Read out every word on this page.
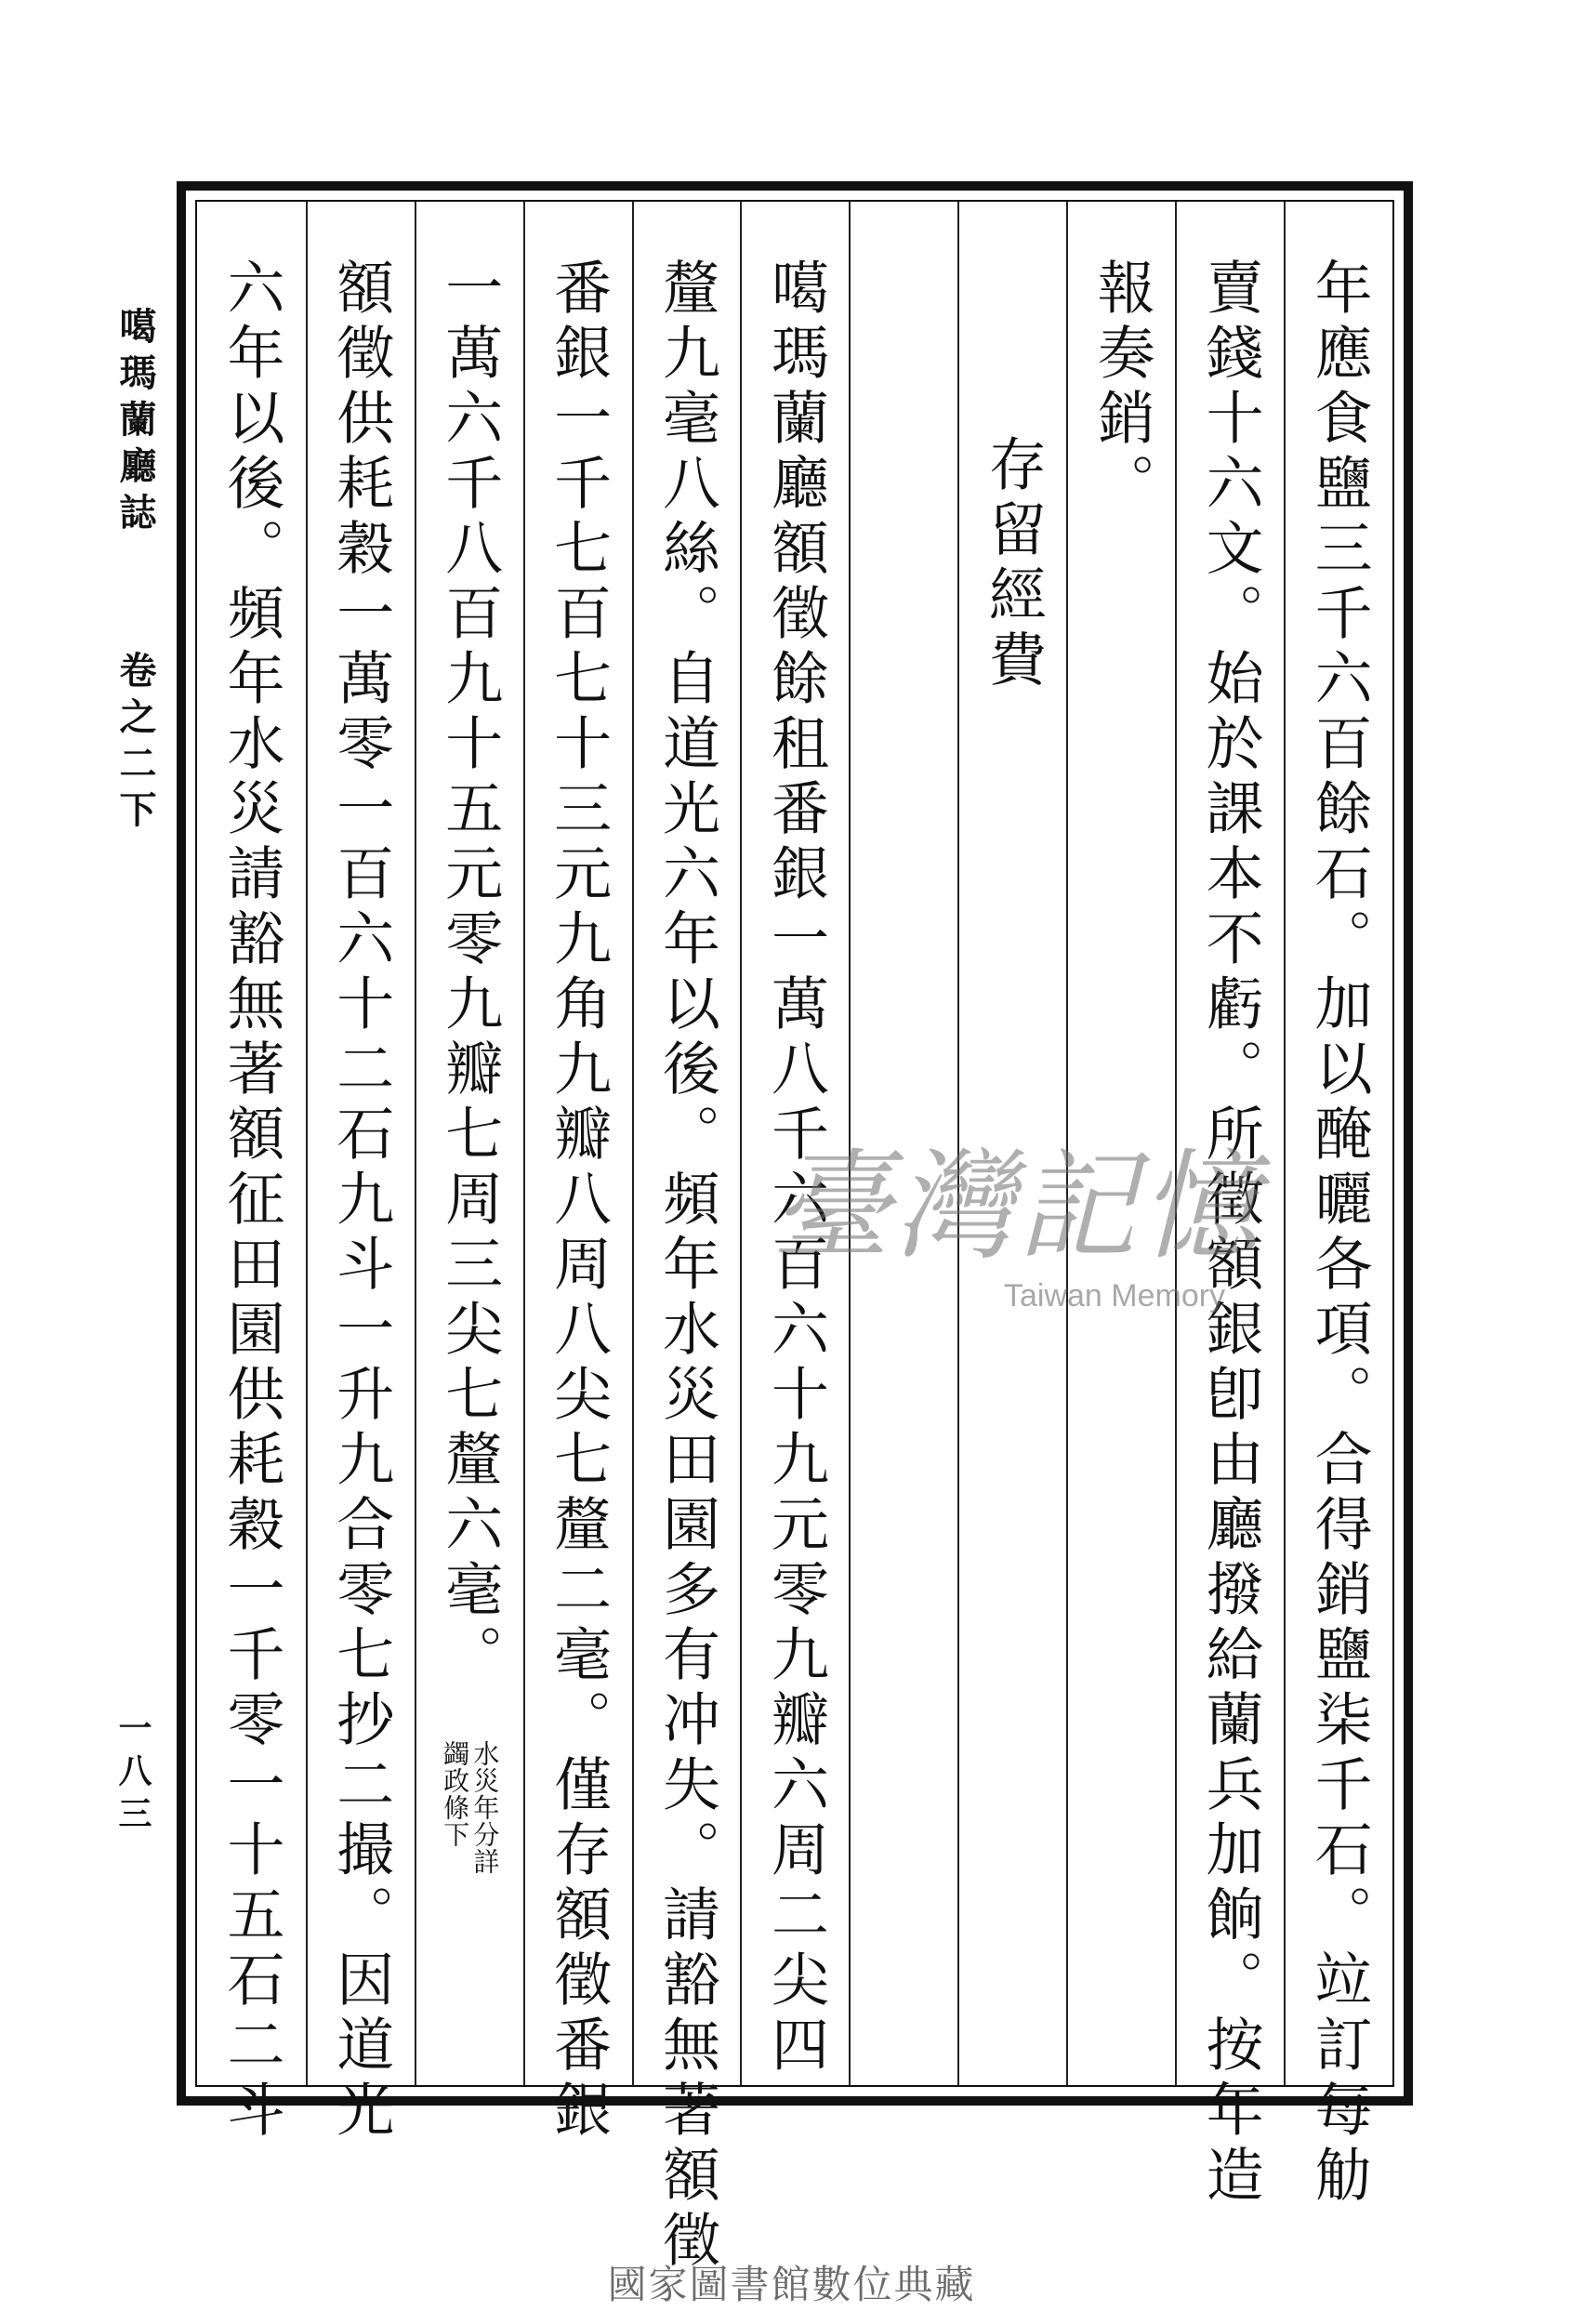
噶瑪蘭廳誌
卷之二下
一八三	年應食鹽三千六百餘石。加以醃曬各項。合得銷鹽柒千石。竝訂每觔
賣錢十六文。始於課本不虧。所徵額銀卽由廳撥給蘭兵加餉。按年造
報奏銷。
存留經費
噶瑪蘭廳額徵餘租番銀一萬八千六百六十九元零九瓣六周二尖四
釐九毫八絲。自道光六年以後。頻年水災田園多有冲失。請豁無著額徵
番銀一千七百七十三元九角九瓣八周八尖七釐二毫。僅存額徵番銀
一萬六千八百九十五元零九瓣七周三尖七釐六毫。
水災年分詳
蠲政條下
額徵供耗穀一萬零一百六十二石九斗一升九合零七抄二撮。因道光
六年以後。頻年水災請豁無著額征田園供耗穀一千零一十五石二斗	臺灣記憶
Taiwan Memory
國家圖書館數位典藏
